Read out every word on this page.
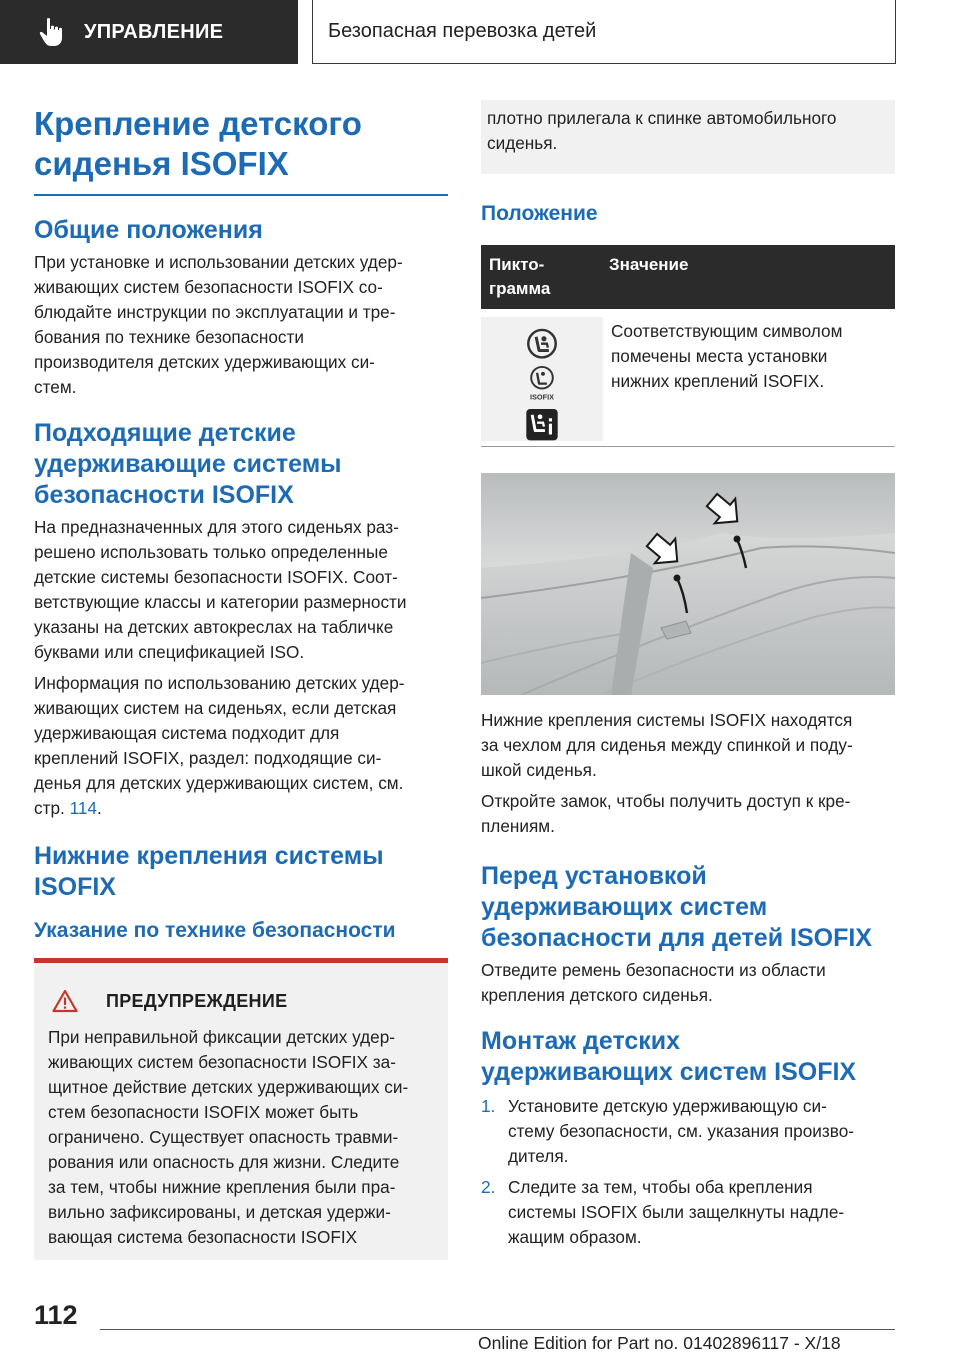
УПРАВЛЕНИЕ	Безопасная перевозка детей
Крепление детского
сиденья ISOFIX
Общие положения
При установке и использовании детских удер-
живающих систем безопасности ISOFIX со-
блюдайте инструкции по эксплуатации и тре-
бования по технике безопасности
производителя детских удерживающих си-
стем.
Подходящие детские
удерживающие системы
безопасности ISOFIX
На предназначенных для этого сиденьях раз-
решено использовать только определенные
детские системы безопасности ISOFIX. Соот-
ветствующие классы и категории размерности
указаны на детских автокреслах на табличке
буквами или спецификацией ISO.
Информация по использованию детских удер-
живающих систем на сиденьях, если детская
удерживающая система подходит для
креплений ISOFIX, раздел: подходящие си-
денья для детских удерживающих систем, см.
стр. 114.
Нижние крепления системы
ISOFIX
Указание по технике безопасности
ПРЕДУПРЕЖДЕНИЕ
При неправильной фиксации детских удер-
живающих систем безопасности ISOFIX за-
щитное действие детских удерживающих си-
стем безопасности ISOFIX может быть
ограничено. Существует опасность травми-
рования или опасность для жизни. Следите
за тем, чтобы нижние крепления были пра-
вильно зафиксированы, и детская удержи-
вающая система безопасности ISOFIX
плотно прилегала к спинке автомобильного
сиденья.
Положение
Пикто-
грамма
Значение
ISOFIX
Соответствующим символом
помечены места установки
нижних креплений ISOFIX.
Нижние крепления системы ISOFIX находятся
за чехлом для сиденья между спинкой и поду-
шкой сиденья.
Откройте замок, чтобы получить доступ к кре-
плениям.
Перед установкой
удерживающих систем
безопасности для детей ISOFIX
Отведите ремень безопасности из области
крепления детского сиденья.
Монтаж детских
удерживающих систем ISOFIX
1. Установите детскую удерживающую си-
стему безопасности, см. указания произво-
дителя.
2. Следите за тем, чтобы оба крепления
системы ISOFIX были защелкнуты надле-
жащим образом.
112
Online Edition for Part no. 01402896117 - X/18
